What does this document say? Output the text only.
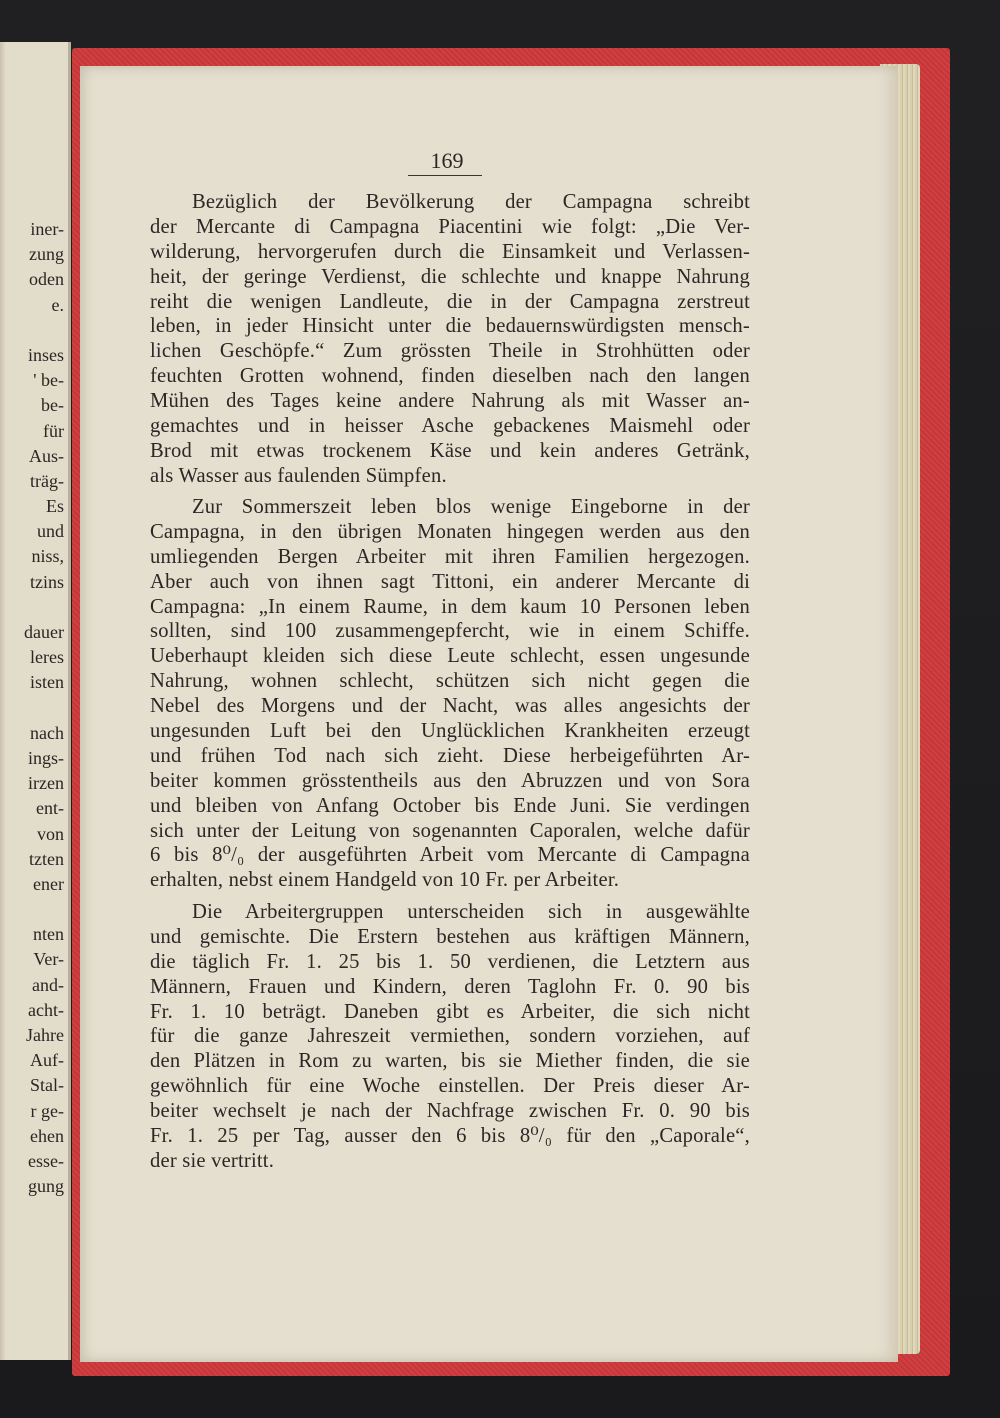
iner-
zung
oden
e.
inses
' be-
be-
für
Aus-
träg-
Es
und
niss,
tzins
dauer
leres
isten
nach
ings-
irzen
ent-
von
tzten
ener
nten
Ver-
and-
acht-
Jahre
Auf-
Stal-
r ge-
ehen
esse-
gung
169
Bezüglich der Bevölkerung der Campagna schreibt
der Mercante di Campagna Piacentini wie folgt: „Die Ver-
wilderung, hervorgerufen durch die Einsamkeit und Verlassen-
heit, der geringe Verdienst, die schlechte und knappe Nahrung
reiht die wenigen Landleute, die in der Campagna zerstreut
leben, in jeder Hinsicht unter die bedauernswürdigsten mensch-
lichen Geschöpfe.“ Zum grössten Theile in Strohhütten oder
feuchten Grotten wohnend, finden dieselben nach den langen
Mühen des Tages keine andere Nahrung als mit Wasser an-
gemachtes und in heisser Asche gebackenes Maismehl oder
Brod mit etwas trockenem Käse und kein anderes Getränk,
als Wasser aus faulenden Sümpfen.
Zur Sommerszeit leben blos wenige Eingeborne in der
Campagna, in den übrigen Monaten hingegen werden aus den
umliegenden Bergen Arbeiter mit ihren Familien hergezogen.
Aber auch von ihnen sagt Tittoni, ein anderer Mercante di
Campagna: „In einem Raume, in dem kaum 10 Personen leben
sollten, sind 100 zusammengepfercht, wie in einem Schiffe.
Ueberhaupt kleiden sich diese Leute schlecht, essen ungesunde
Nahrung, wohnen schlecht, schützen sich nicht gegen die
Nebel des Morgens und der Nacht, was alles angesichts der
ungesunden Luft bei den Unglücklichen Krankheiten erzeugt
und frühen Tod nach sich zieht. Diese herbeigeführten Ar-
beiter kommen grösstentheils aus den Abruzzen und von Sora
und bleiben von Anfang October bis Ende Juni. Sie verdingen
sich unter der Leitung von sogenannten Caporalen, welche dafür
6 bis 8⁰/₀ der ausgeführten Arbeit vom Mercante di Campagna
erhalten, nebst einem Handgeld von 10 Fr. per Arbeiter.
Die Arbeitergruppen unterscheiden sich in ausgewählte
und gemischte. Die Erstern bestehen aus kräftigen Männern,
die täglich Fr. 1. 25 bis 1. 50 verdienen, die Letztern aus
Männern, Frauen und Kindern, deren Taglohn Fr. 0. 90 bis
Fr. 1. 10 beträgt. Daneben gibt es Arbeiter, die sich nicht
für die ganze Jahreszeit vermiethen, sondern vorziehen, auf
den Plätzen in Rom zu warten, bis sie Miether finden, die sie
gewöhnlich für eine Woche einstellen. Der Preis dieser Ar-
beiter wechselt je nach der Nachfrage zwischen Fr. 0. 90 bis
Fr. 1. 25 per Tag, ausser den 6 bis 8⁰/₀ für den „Caporale“,
der sie vertritt.
